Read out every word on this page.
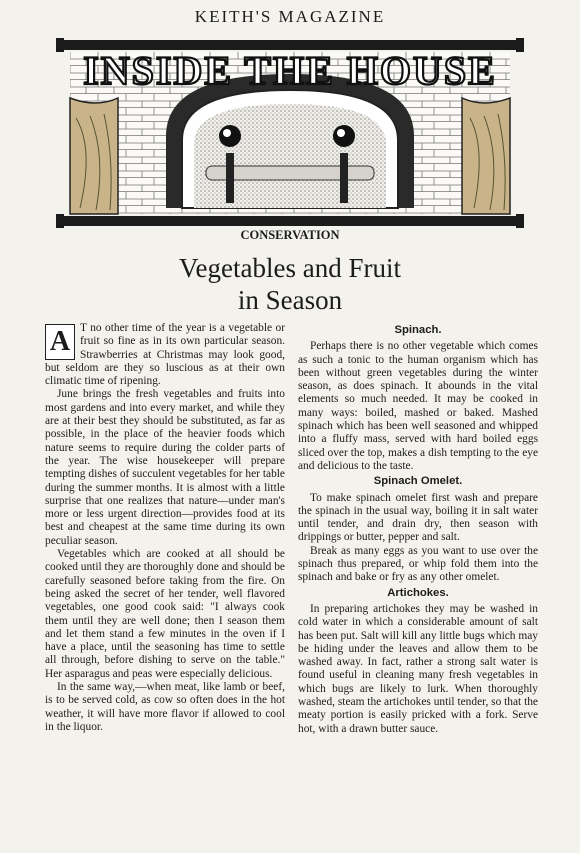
KEITH'S MAGAZINE
INSIDE THE HOUSE
THE TABLE AND FOOD
CONSERVATION
Vegetables and Fruit
in Season
A T no other time of the year is a vegetable or fruit so fine as in its own particular season. Strawberries at Christmas may look good, but seldom are they so luscious as at their own climatic time of ripening.

June brings the fresh vegetables and fruits into most gardens and into every market, and while they are at their best they should be substituted, as far as possible, in the place of the heavier foods which nature seems to require during the colder parts of the year. The wise housekeeper will prepare tempting dishes of succulent vegetables for her table during the summer months. It is almost with a little surprise that one realizes that nature—under man's more or less urgent direction—provides food at its best and cheapest at the same time during its own peculiar season.

Vegetables which are cooked at all should be cooked until they are thoroughly done and should be carefully seasoned before taking from the fire. On being asked the secret of her tender, well flavored vegetables, one good cook said: "I always cook them until they are well done; then I season them and let them stand a few minutes in the oven if I have a place, until the seasoning has time to settle all through, before dishing to serve on the table." Her asparagus and peas were especially delicious.

In the same way,—when meat, like lamb or beef, is to be served cold, as cow so often does in the hot weather, it will have more flavor if allowed to cool in the liquor.

Spinach.

Perhaps there is no other vegetable which comes as such a tonic to the human organism which has been without green vegetables during the winter season, as does spinach. It abounds in the vital elements so much needed. It may be cooked in many ways: boiled, mashed or baked. Mashed spinach which has been well seasoned and whipped into a fluffy mass, served with hard boiled eggs sliced over the top, makes a dish tempting to the eye and delicious to the taste.

Spinach Omelet.

To make spinach omelet first wash and prepare the spinach in the usual way, boiling it in salt water until tender, and drain dry, then season with drippings or butter, pepper and salt.

Break as many eggs as you want to use over the spinach thus prepared, or whip fold them into the spinach and bake or fry as any other omelet.

Artichokes.

In preparing artichokes they may be washed in cold water in which a considerable amount of salt has been put. Salt will kill any little bugs which may be hiding under the leaves and allow them to be washed away. In fact, rather a strong salt water is found useful in cleaning many fresh vegetables in which bugs are likely to lurk. When thoroughly washed, steam the artichokes until tender, so that the meaty portion is easily pricked with a fork. Serve hot, with a drawn butter sauce.
